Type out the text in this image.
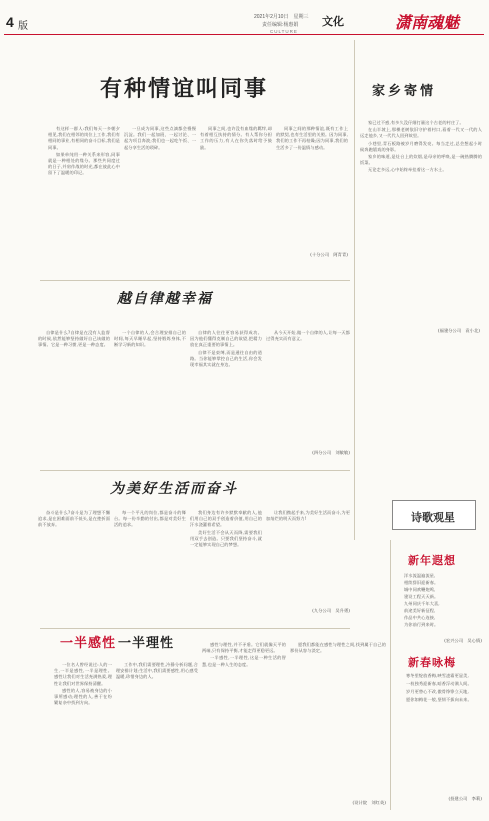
4 版
2021年2月10日　星期三
责任编辑:杨惠娟 文化
CULTURE	潇南魂魅
有种情谊叫同事

有这样一群人:我们每天一多朝夕相见,我们在相邻的岗位上工作,我们有相同的事业,有相同的奋斗目标,我们是同事。

如果单纯用一种关系来形容,同事就是一种相处的缘分。那些共同度过的日子,并肩作战的时光,都在彼此心中留下了温暖的印记。

一旦成为同事,这些点滴都会慢慢沉淀。我们一起加班、一起讨论、一起为项目奔波;我们也一起吃午饭、一起分享生活的琐碎。

同事之间,也许没有血缘的羁绊,却有着相互扶持的情分。有人帮你分担工作的压力,有人在你失落时给予鼓励。

同事之间的那种情谊,既有工作上的默契,也有生活里的关照。因为同事,我们的工作不再枯燥;因为同事,我们的生活多了一份温情与感动。

(十分公司　阿青青)
家乡寄情

家已过不惑,有多久没仔细打量这个古老的村庄了。

在山半坡上,那棵老树依旧守护着村口,看着一代又一代的人远走他乡,又一代代人回到故里。

小巷里,青石板路被岁月磨得发亮。每当走过,总会想起小时候奔跑嬉戏的身影。

家乡的味道,是灶台上的炊烟,是母亲的呼唤,是一碗热腾腾的饭菜。

无论走多远,心中始终牵挂着这一方水土。

(福建分公司　袁小北)
越自律越幸福

自律是什么?自律是在没有人监督的时候,依然能够坚持做好自己该做的事情。它是一种习惯,更是一种态度。

一个自律的人,会合理安排自己的时间,每天早睡早起,坚持锻炼身体,不断学习新的知识。

自律的人往往更容易获得成功。因为他们懂得克制自己的欲望,把精力放在真正重要的事情上。

自律不是束缚,而是通往自由的道路。当你能够掌控自己的生活,你会发现幸福其实就在身边。

从今天开始,做一个自律的人,让每一天都过得充实而有意义。

(四分公司　刘敏敏)
为美好生活而奋斗

奋斗是什么?奋斗是为了理想不懈追求,是在困难面前不低头,是在挫折面前不放弃。

每一个平凡的岗位,都是奋斗的舞台。每一份辛勤的付出,都是对美好生活的追求。

我们身边有许多默默奉献的人,他们用自己的双手创造着价值,用自己的汗水浇灌着希望。

美好生活不会从天而降,需要我们用双手去创造。只要我们坚持奋斗,就一定能够实现自己的梦想。

让我们携起手来,为美好生活而奋斗,为更加灿烂的明天而努力!

(九分公司　吴升勇)
诗歌观星
新年遐想
洋水流温遍流星,
相续辞旧迎新春。
城中同欢鞭炮鸣,
建设工程天天新。
九州同庆千年大喜,
前途美好新征程,
作品中共心连接,
为你前行到来时。
(宏兴公司　吴心情)
新春咏梅

寒冬里绽放香梅,映雪凌霜更显美,

一枝独秀迎新春,暗香浮动满人间。

岁月更替心不改,傲骨铮铮立天地,

愿你如梅花一般,坚韧不拔向未来。

(投建公司　李莉)
一半感性 一半理性

一位名人曾经说过:人的一生,一半是感性,一半是理性。感性让我们对生活充满热爱,理性让我们对世界保持清醒。

感性的人,容易被身边的小事所感动;理性的人,善于在纷繁复杂中找到方向。

工作中,我们需要理性,冷静分析问题,合理安排计划;生活中,我们需要感性,用心感受温暖,珍惜身边的人。

感性与理性,并不矛盾。它们就像天平的两端,只有保持平衡,才能走得更稳更远。

一半感性,一半理性,这是一种生活的智慧,也是一种人生的态度。

愿我们都能在感性与理性之间,找到属于自己的那份从容与淡定。

(设计院　刘红英)
